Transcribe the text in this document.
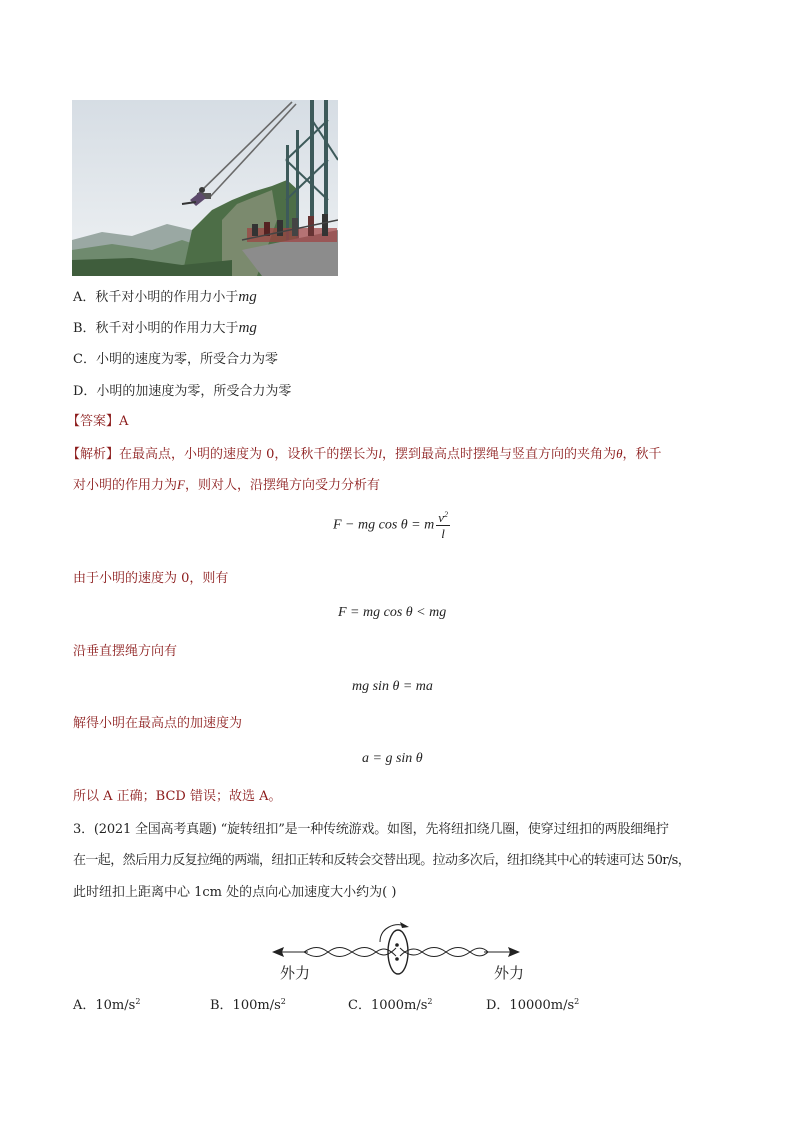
A．秋千对小明的作用力小于mg
B．秋千对小明的作用力大于mg
C．小明的速度为零，所受合力为零
D．小明的加速度为零，所受合力为零
【答案】A
【解析】在最高点，小明的速度为 0，设秋千的摆长为l，摆到最高点时摆绳与竖直方向的夹角为θ，秋千
对小明的作用力为F，则对人，沿摆绳方向受力分析有
F − mg cos θ = m $\frac{v^2}{l}$
由于小明的速度为 0，则有
F = mg cos θ < mg
沿垂直摆绳方向有
mg sin θ = ma
解得小明在最高点的加速度为
a = g sin θ
所以 A 正确；BCD 错误；故选 A。
3．(2021 全国高考真题) “旋转纽扣”是一种传统游戏。如图，先将纽扣绕几圈，使穿过纽扣的两股细绳拧
在一起，然后用力反复拉绳的两端，纽扣正转和反转会交替出现。拉动多次后，纽扣绕其中心的转速可达 50r/s，
此时纽扣上距离中心 1cm 处的点向心加速度大小约为( )
外力	外力
A．$10m/s^2$	B．$100m/s^2$	C．$1000m/s^2$	D．$10000m/s^2$
